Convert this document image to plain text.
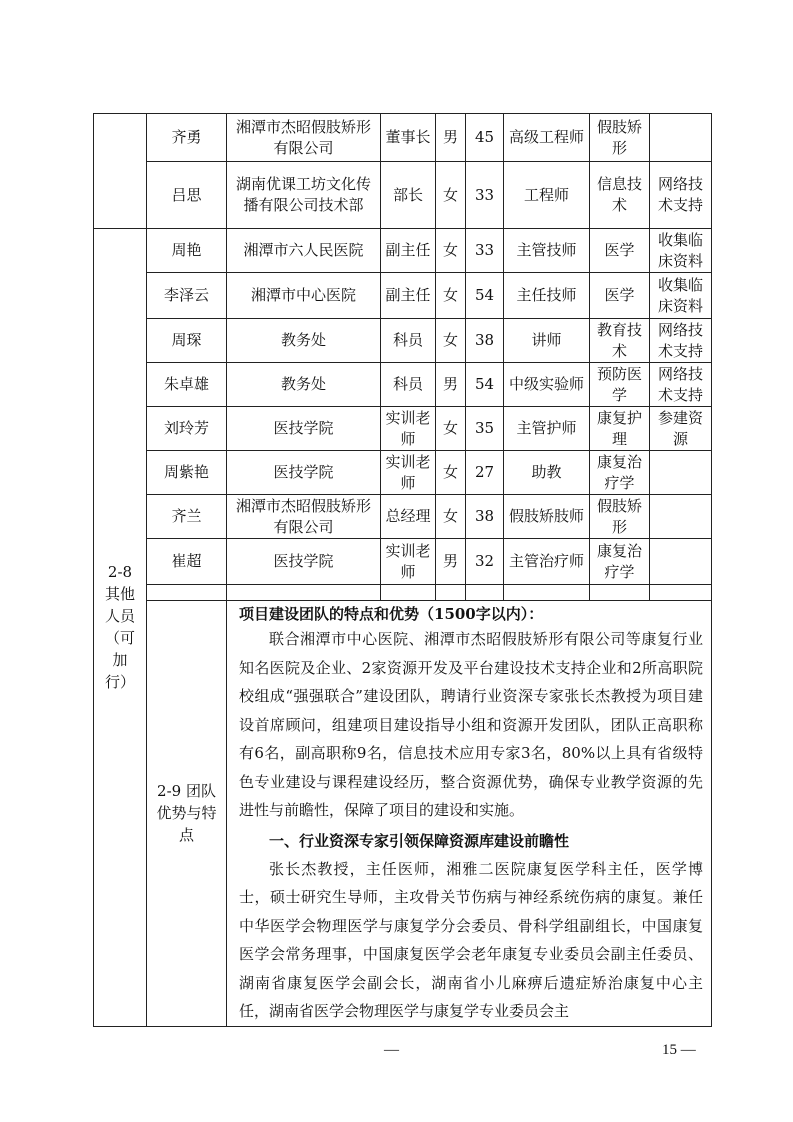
	齐勇	湘潭市杰昭假肢矫形有限公司	董事长	男	45	高级工程师	假肢矫形	
	吕思	湖南优课工坊文化传播有限公司技术部	部长	女	33	工程师	信息技术	网络技术支持
2-8 其他人员（可加行）	周艳	湘潭市六人民医院	副主任	女	33	主管技师	医学	收集临床资料
	李泽云	湘潭市中心医院	副主任	女	54	主任技师	医学	收集临床资料
	周琛	教务处	科员	女	38	讲师	教育技术	网络技术支持
	朱卓雄	教务处	科员	男	54	中级实验师	预防医学	网络技术支持
	刘玲芳	医技学院	实训老师	女	35	主管护师	康复护理	参建资源
	周紫艳	医技学院	实训老师	女	27	助教	康复治疗学	
	齐兰	湘潭市杰昭假肢矫形有限公司	总经理	女	38	假肢矫肢师	假肢矫形	
	崔超	医技学院	实训老师	男	32	主管治疗师	康复治疗学	

	2-9 团队优势与特点	项目建设团队的特点和优势（1500字以内）：
联合湘潭市中心医院、湘潭市杰昭假肢矫形有限公司等康复行业知名医院及企业、2家资源开发及平台建设技术支持企业和2所高职院校组成“强强联合”建设团队，聘请行业资深专家张长杰教授为项目建设首席顾问，组建项目建设指导小组和资源开发团队，团队正高职称有6名，副高职称9名，信息技术应用专家3名，80%以上具有省级特色专业建设与课程建设经历，整合资源优势，确保专业教学资源的先进性与前瞻性，保障了项目的建设和实施。
一、行业资深专家引领保障资源库建设前瞻性
张长杰教授，主任医师，湘雅二医院康复医学科主任，医学博士，硕士研究生导师，主攻骨关节伤病与神经系统伤病的康复。兼任中华医学会物理医学与康复学分会委员、骨科学组副组长，中国康复医学会常务理事，中国康复医学会老年康复专业委员会副主任委员、湖南省康复医学会副会长，湖南省小儿麻痹后遗症矫治康复中心主任，湖南省医学会物理医学与康复学专业委员会主						
—	15 —
